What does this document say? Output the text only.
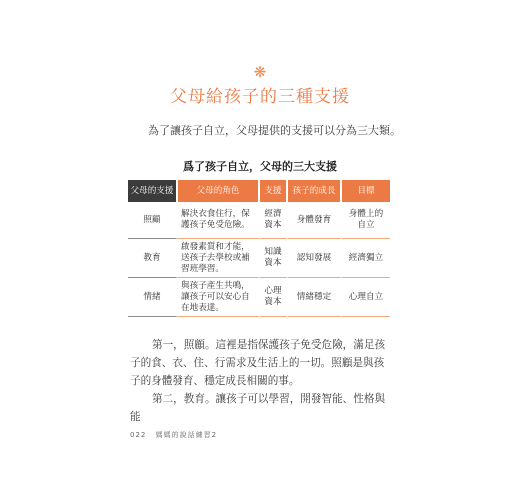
❋
父母給孩子的三種支援
為了讓孩子自立，父母提供的支援可以分為三大類。
爲了孩子自立，父母的三大支援
父母的支援	父母的角色	支援	孩子的成長	目標
照顧	解決衣食住行，保護孩子免受危險。	經濟資本	身體發育	身體上的自立
教育	啟發素質和才能，送孩子去學校或補習班學習。	知識資本	認知發展	經濟獨立
情緒	與孩子產生共鳴，讓孩子可以安心自在地表達。	心理資本	情緒穩定	心理自立
第一，照顧。這裡是指保護孩子免受危險，滿足孩子的食、衣、住、行需求及生活上的一切。照顧是與孩子的身體發育、穩定成長相關的事。
第二，教育。讓孩子可以學習，開發智能、性格與能
022 媽媽的說話練習2
